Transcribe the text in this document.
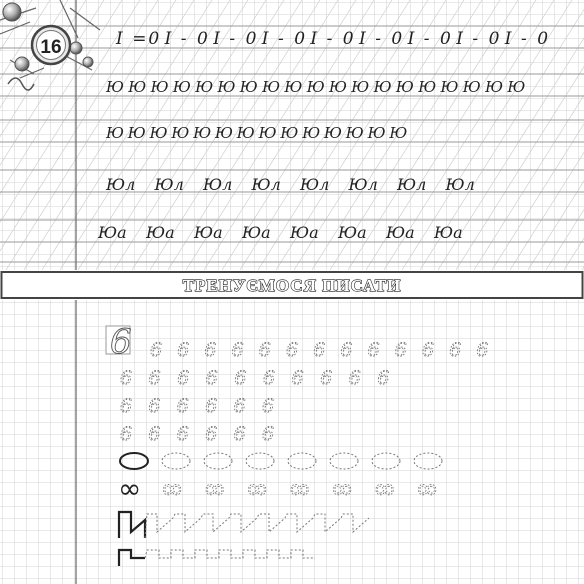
16	I = 0 I - 0 I - 0 I - 0 I - 0 I - 0 I - 0 I - 0 I - 0
Ю Ю Ю Ю Ю Ю Ю Ю Ю Ю Ю Ю Ю Ю Ю Ю Ю Ю Ю
Ю Ю Ю Ю Ю Ю Ю Ю Ю Ю Ю Ю Ю Ю
Юл Юл Юл Юл Юл Юл Юл Юл
Юа Юа Юа Юа Юа Юа Юа Юа
ТРЕНУЄМОСЯ ПИСАТИ
6 6 6 6 6 6 6 6 6 6 6 6 6 6
6 6 6 6 6 6 6 6 6 6
6 6 6 6 6 6
6 6 6 6 6 6
∞ ∞ ∞ ∞ ∞ ∞ ∞ ∞
